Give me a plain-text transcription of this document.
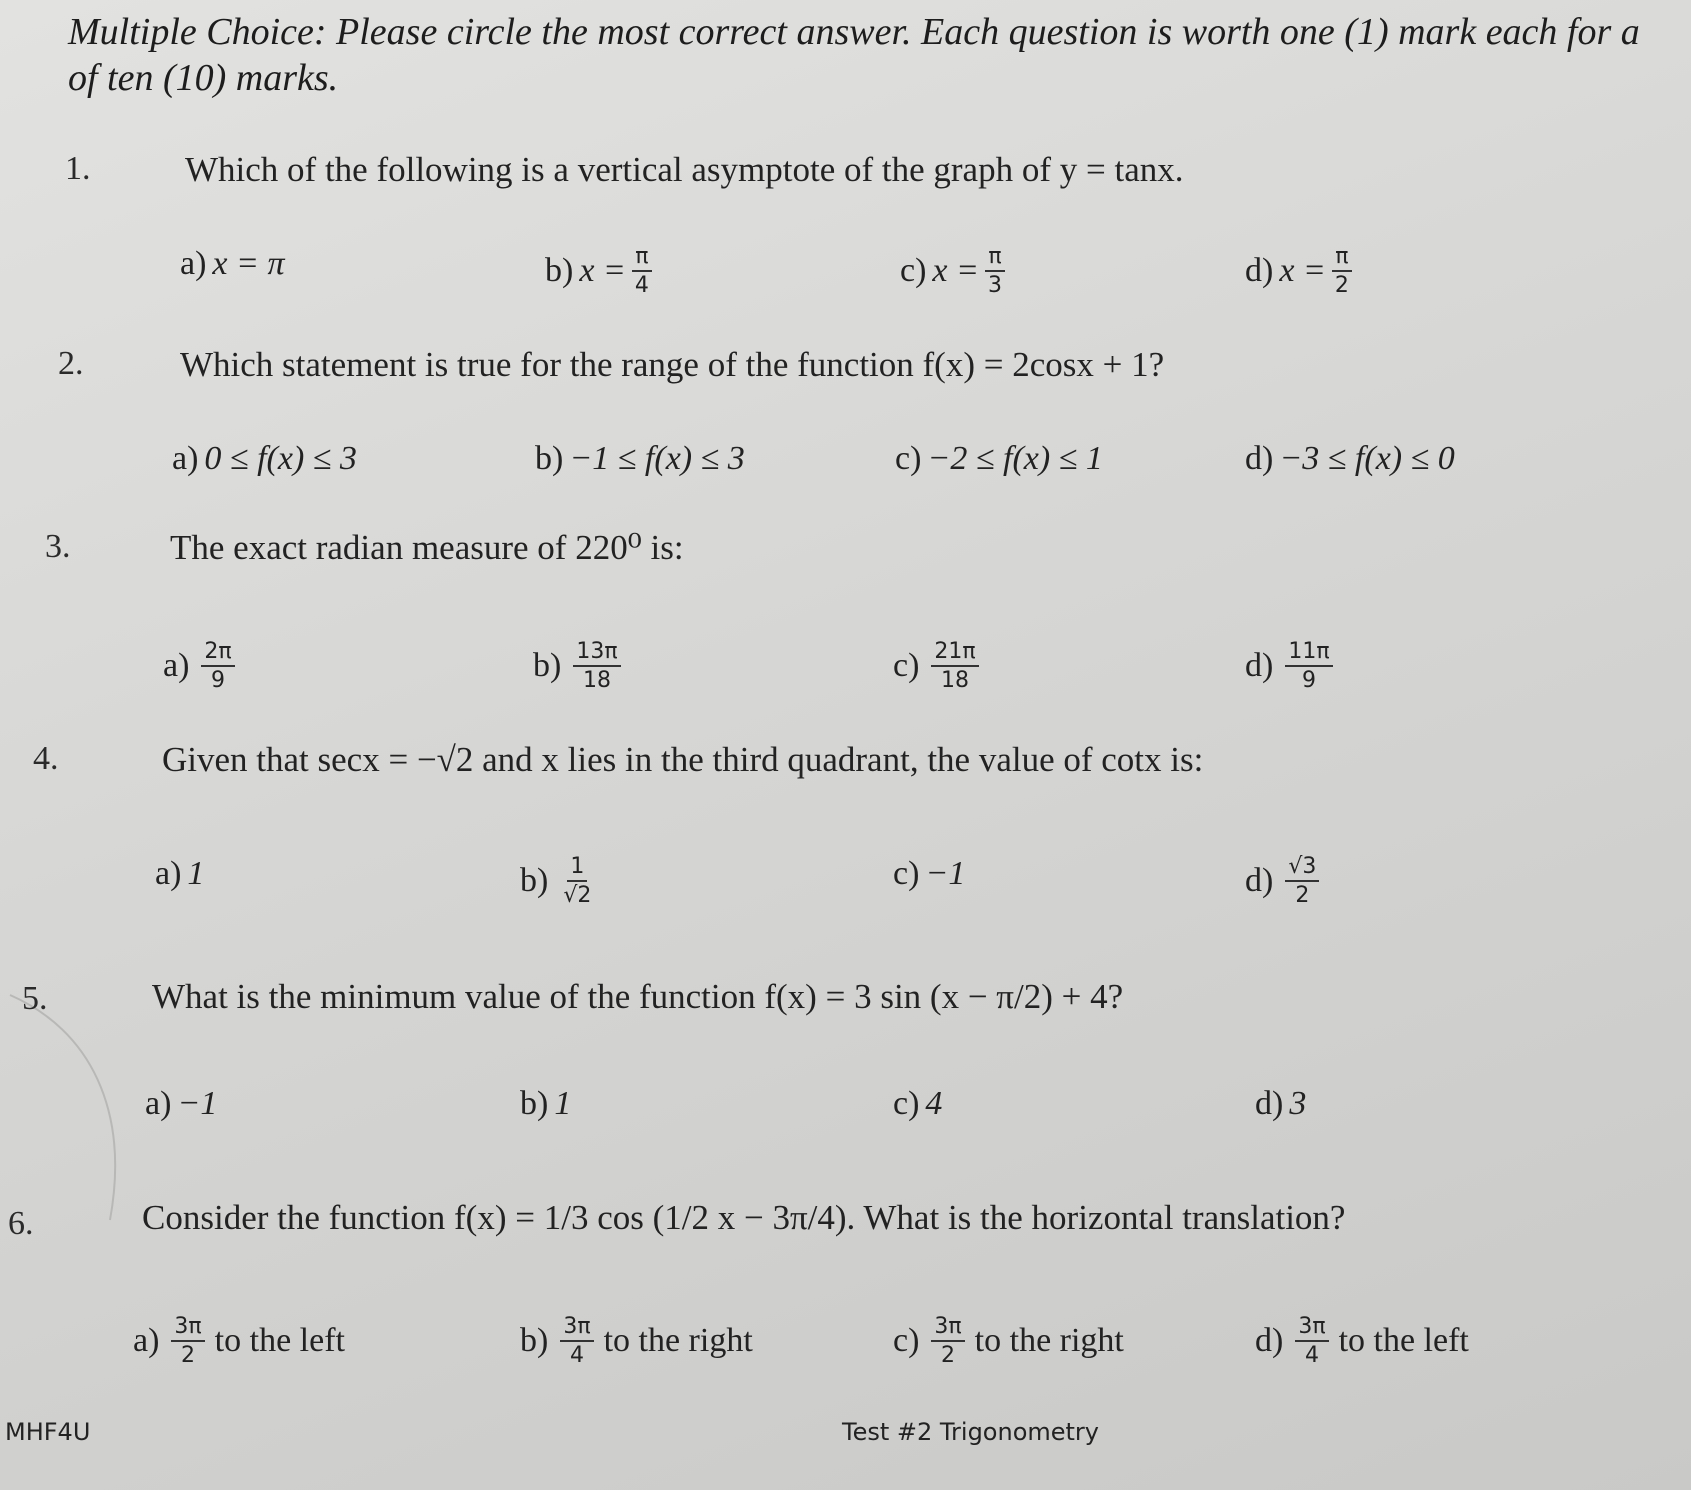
Multiple Choice: Please circle the most correct answer. Each question is worth one (1) mark each for a
of ten (10) marks.
1.	Which of the following is a vertical asymptote of the graph of y = tanx.
a) x = π	b) $x = \frac{\pi}{4}$	c) $x = \frac{\pi}{3}$	d) $x = \frac{\pi}{2}$
2.	Which statement is true for the range of the function f(x) = 2cosx + 1?
a) 0 ≤ f(x) ≤ 3	b) −1 ≤ f(x) ≤ 3	c) −2 ≤ f(x) ≤ 1	d) −3 ≤ f(x) ≤ 0
3.	The exact radian measure of 220⁰ is:
$a) \frac{2\pi}{9}$	$b) \frac{13\pi}{18}$	$c) \frac{21\pi}{18}$	$d) \frac{11\pi}{9}$
4.	Given that secx = −√2 and x lies in the third quadrant, the value of cotx is:
a) 1	$b) \frac{1}{√2}$	c) −1	$d) \frac{√3}{2}$
5.	What is the minimum value of the function f(x) = 3 sin (x − π/2) + 4?
a) −1	b) 1	c) 4	d) 3
6.	Consider the function f(x) = 1/3 cos (1/2 x − 3π/4). What is the horizontal translation?
$a) \frac{3\pi}{2}$ to the left	$b) \frac{3\pi}{4}$ to the right	$c) \frac{3\pi}{2}$ to the right	$d) \frac{3\pi}{4}$ to the left
MHF4U	Test #2 Trigonometry
